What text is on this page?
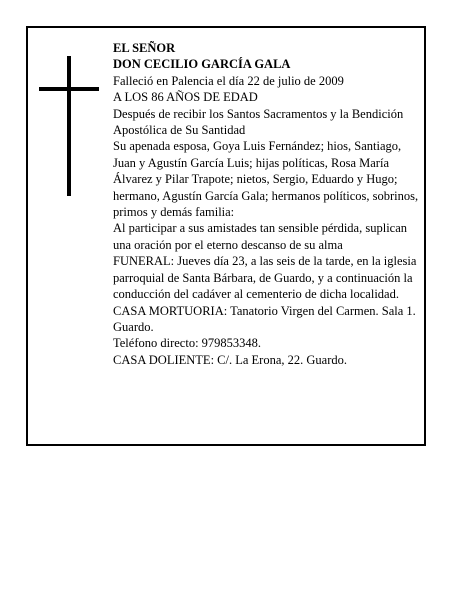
EL SEÑOR

DON CECILIO GARCÍA GALA

Falleció en Palencia el día 22 de julio de 2009

A LOS 86 AÑOS DE EDAD

Después de recibir los Santos Sacramentos y la Bendición Apostólica de Su Santidad

Su apenada esposa, Goya Luis Fernández; hios, Santiago, Juan y Agustín García Luis; hijas políticas, Rosa María Álvarez y Pilar Trapote; nietos, Sergio, Eduardo y Hugo; hermano, Agustín García Gala; hermanos políticos, sobrinos, primos y demás familia:

Al participar a sus amistades tan sensible pérdida, suplican una oración por el eterno descanso de su alma

FUNERAL: Jueves día 23, a las seis de la tarde, en la iglesia parroquial de Santa Bárbara, de Guardo, y a continuación la conducción del cadáver al cementerio de dicha localidad.

CASA MORTUORIA: Tanatorio Virgen del Carmen. Sala 1. Guardo.

Teléfono directo: 979853348.

CASA DOLIENTE: C/. La Erona, 22. Guardo.
